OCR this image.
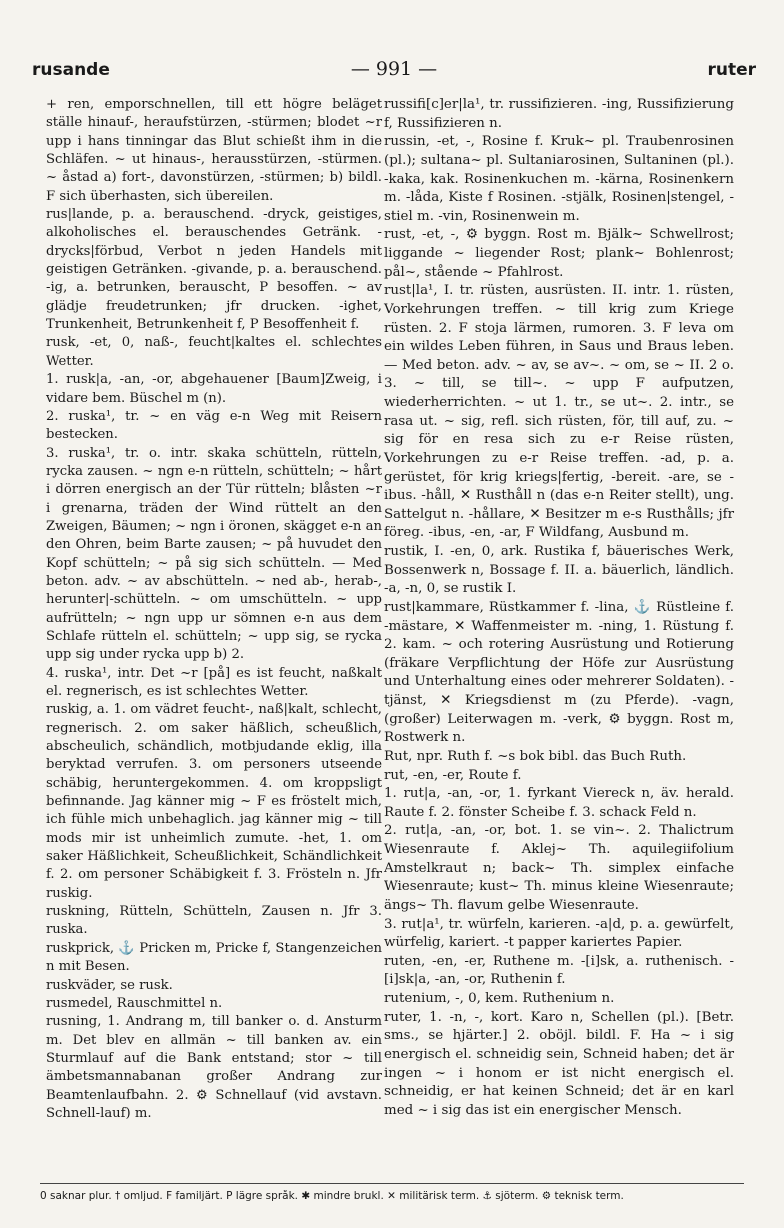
rusande	— 991 —	ruter

+ ren, emporschnellen, till ett högre beläget ställe hinauf-, heraufstürzen, -stürmen; blodet ~r upp i hans tinningar das Blut schießt ihm in die Schläfen. ~ ut hinaus-, herausstürzen, -stürmen. ~ åstad a) fort-, davonstürzen, -stürmen; b) bildl. F sich überhasten, sich übereilen.

rus|lande, p. a. berauschend. -dryck, geistiges, alkoholisches el. berauschendes Getränk. -drycks|förbud, Verbot n jeden Handels mit geistigen Getränken. -givande, p. a. berauschend. -ig, a. betrunken, berauscht, P besoffen. ~ av glädje freudetrunken; jfr drucken. -ighet, Trunkenheit, Betrunkenheit f, P Besoffenheit f.

rusk, -et, 0, naß-, feucht|kaltes el. schlechtes Wetter.

1. rusk|a, -an, -or, abgehauener [Baum]Zweig, i vidare bem. Büschel m (n).

2. ruska¹, tr. ~ en väg e-n Weg mit Reisern bestecken.

3. ruska¹, tr. o. intr. skaka schütteln, rütteln, ryckа zausen. ~ ngn e-n rütteln, schütteln; ~ hårt i dörren energisch an der Tür rütteln; blåsten ~r i grenarna, träden der Wind rüttelt an den Zweigen, Bäumen; ~ ngn i öronen, skägget e-n an den Ohren, beim Barte zausen; ~ på huvudet den Kopf schütteln; ~ på sig sich schütteln. — Med beton. adv. ~ av abschütteln. ~ ned ab-, herab-, herunter|-schütteln. ~ om umschütteln. ~ upp aufrütteln; ~ ngn upp ur sömnen e-n aus dem Schlafe rütteln el. schütteln; ~ upp sig, se rycka upp sig under rycka upp b) 2.

4. ruska¹, intr. Det ~r [på] es ist feucht, naßkalt el. regnerisch, es ist schlechtes Wetter.

ruskig, a. 1. om vädret feucht-, naß|kalt, schlecht, regnerisch. 2. om saker häßlich, scheußlich, abscheulich, schändlich, motbjudande eklig, illa beryktad verrufen. 3. om personers utseende schäbig, heruntergekommen. 4. om kroppsligt befinnande. Jag känner mig ~ F es fröstelt mich, ich fühle mich unbehaglich. jag känner mig ~ till mods mir ist unheimlich zumute. -het, 1. om saker Häßlichkeit, Scheußlichkeit, Schändlichkeit f. 2. om personer Schäbigkeit f. 3. Frösteln n. Jfr ruskig.

ruskning, Rütteln, Schütteln, Zausen n. Jfr 3. ruska.

ruskprick, ⚓ Pricken m, Pricke f, Stangenzeichen n mit Besen.

ruskväder, se rusk.

rusmedel, Rauschmittel n.

rusning, 1. Andrang m, till banker o. d. Ansturm m. Det blev en allmän ~ till banken av. ein Sturmlauf auf die Bank entstand; stor ~ till ämbetsmannabanan großer Andrang zur Beamtenlaufbahn. 2. ⚙ Schnellauf (vid avstavn. Schnell-lauf) m.

russifi[c]er|la¹, tr. russifizieren. -ing, Russifizierung f, Russifizieren n.

russin, -et, -, Rosine f. Kruk~ pl. Traubenrosinen (pl.); sultana~ pl. Sultaniarosinen, Sultaninen (pl.). -kaka, kak. Rosinenkuchen m. -kärna, Rosinenkern m. -låda, Kiste f Rosinen. -stjälk, Rosinen|stengel, -stiel m. -vin, Rosinenwein m.

rust, -et, -, ⚙ byggn. Rost m. Bjälk~ Schwellrost; liggande ~ liegender Rost; plank~ Bohlenrost; pål~, stående ~ Pfahlrost.

rust|la¹, I. tr. rüsten, ausrüsten. II. intr. 1. rüsten, Vorkehrungen treffen. ~ till krig zum Kriege rüsten. 2. F stoja lärmen, rumoren. 3. F leva om ein wildes Leben führen, in Saus und Braus leben. — Med beton. adv. ~ av, se av~. ~ om, se ~ II. 2 o. 3. ~ till, se till~. ~ upp F aufputzen, wiederherrichten. ~ ut 1. tr., se ut~. 2. intr., se rasa ut. ~ sig, refl. sich rüsten, för, till auf, zu. ~ sig för en resa sich zu e-r Reise rüsten, Vorkehrungen zu e-r Reise treffen. -ad, p. a. gerüstet, för krig kriegs|fertig, -bereit. -are, se -ibus. -håll, ✕ Rusthåll n (das e-n Reiter stellt), ung. Sattelgut n. -hållare, ✕ Besitzer m e-s Rusthålls; jfr föreg. -ibus, -en, -ar, F Wildfang, Ausbund m.

rustik, I. -en, 0, ark. Rustika f, bäuerisches Werk, Bossenwerk n, Bossage f. II. a. bäuerlich, ländlich. -a, -n, 0, se rustik I.

rust|kammare, Rüstkammer f. -lina, ⚓ Rüstleine f. -mästare, ✕ Waffenmeister m. -ning, 1. Rüstung f. 2. kam. ~ och rotering Ausrüstung und Rotierung (fräkare Verpflichtung der Höfe zur Ausrüstung und Unterhaltung eines oder mehrerer Soldaten). -tjänst, ✕ Kriegsdienst m (zu Pferde). -vagn, (großer) Leiterwagen m. -verk, ⚙ byggn. Rost m, Rostwerk n.

Rut, npr. Ruth f. ~s bok bibl. das Buch Ruth.

rut, -en, -er, Route f.

1. rut|a, -an, -or, 1. fyrkant Viereck n, äv. herald. Raute f. 2. fönster Scheibe f. 3. schack Feld n.

2. rut|a, -an, -or, bot. 1. se vin~. 2. Thalictrum Wiesenraute f. Aklej~ Th. aquilegiifolium Amstelkraut n; back~ Th. simplex einfache Wiesenraute; kust~ Th. minus kleine Wiesenraute; ängs~ Th. flavum gelbe Wiesenraute.

3. rut|a¹, tr. würfeln, karieren. -a|d, p. a. gewürfelt, würfelig, kariert. -t papper kariertes Papier.

ruten, -en, -er, Ruthene m. -[i]sk, a. ruthenisch. -[i]sk|a, -an, -or, Ruthenin f.

rutenium, -, 0, kem. Ruthenium n.

ruter, 1. -n, -, kort. Karo n, Schellen (pl.). [Betr. sms., se hjärter.] 2. oböjl. bildl. F. Ha ~ i sig energisch el. schneidig sein, Schneid haben; det är ingen ~ i honom er ist nicht energisch el. schneidig, er hat keinen Schneid; det är en karl med ~ i sig das ist ein energischer Mensch.

0 saknar plur. † omljud. F familjärt. P lägre språk. ✱ mindre brukl. ✕ militärisk term. ⚓ sjöterm. ⚙ teknisk term.
